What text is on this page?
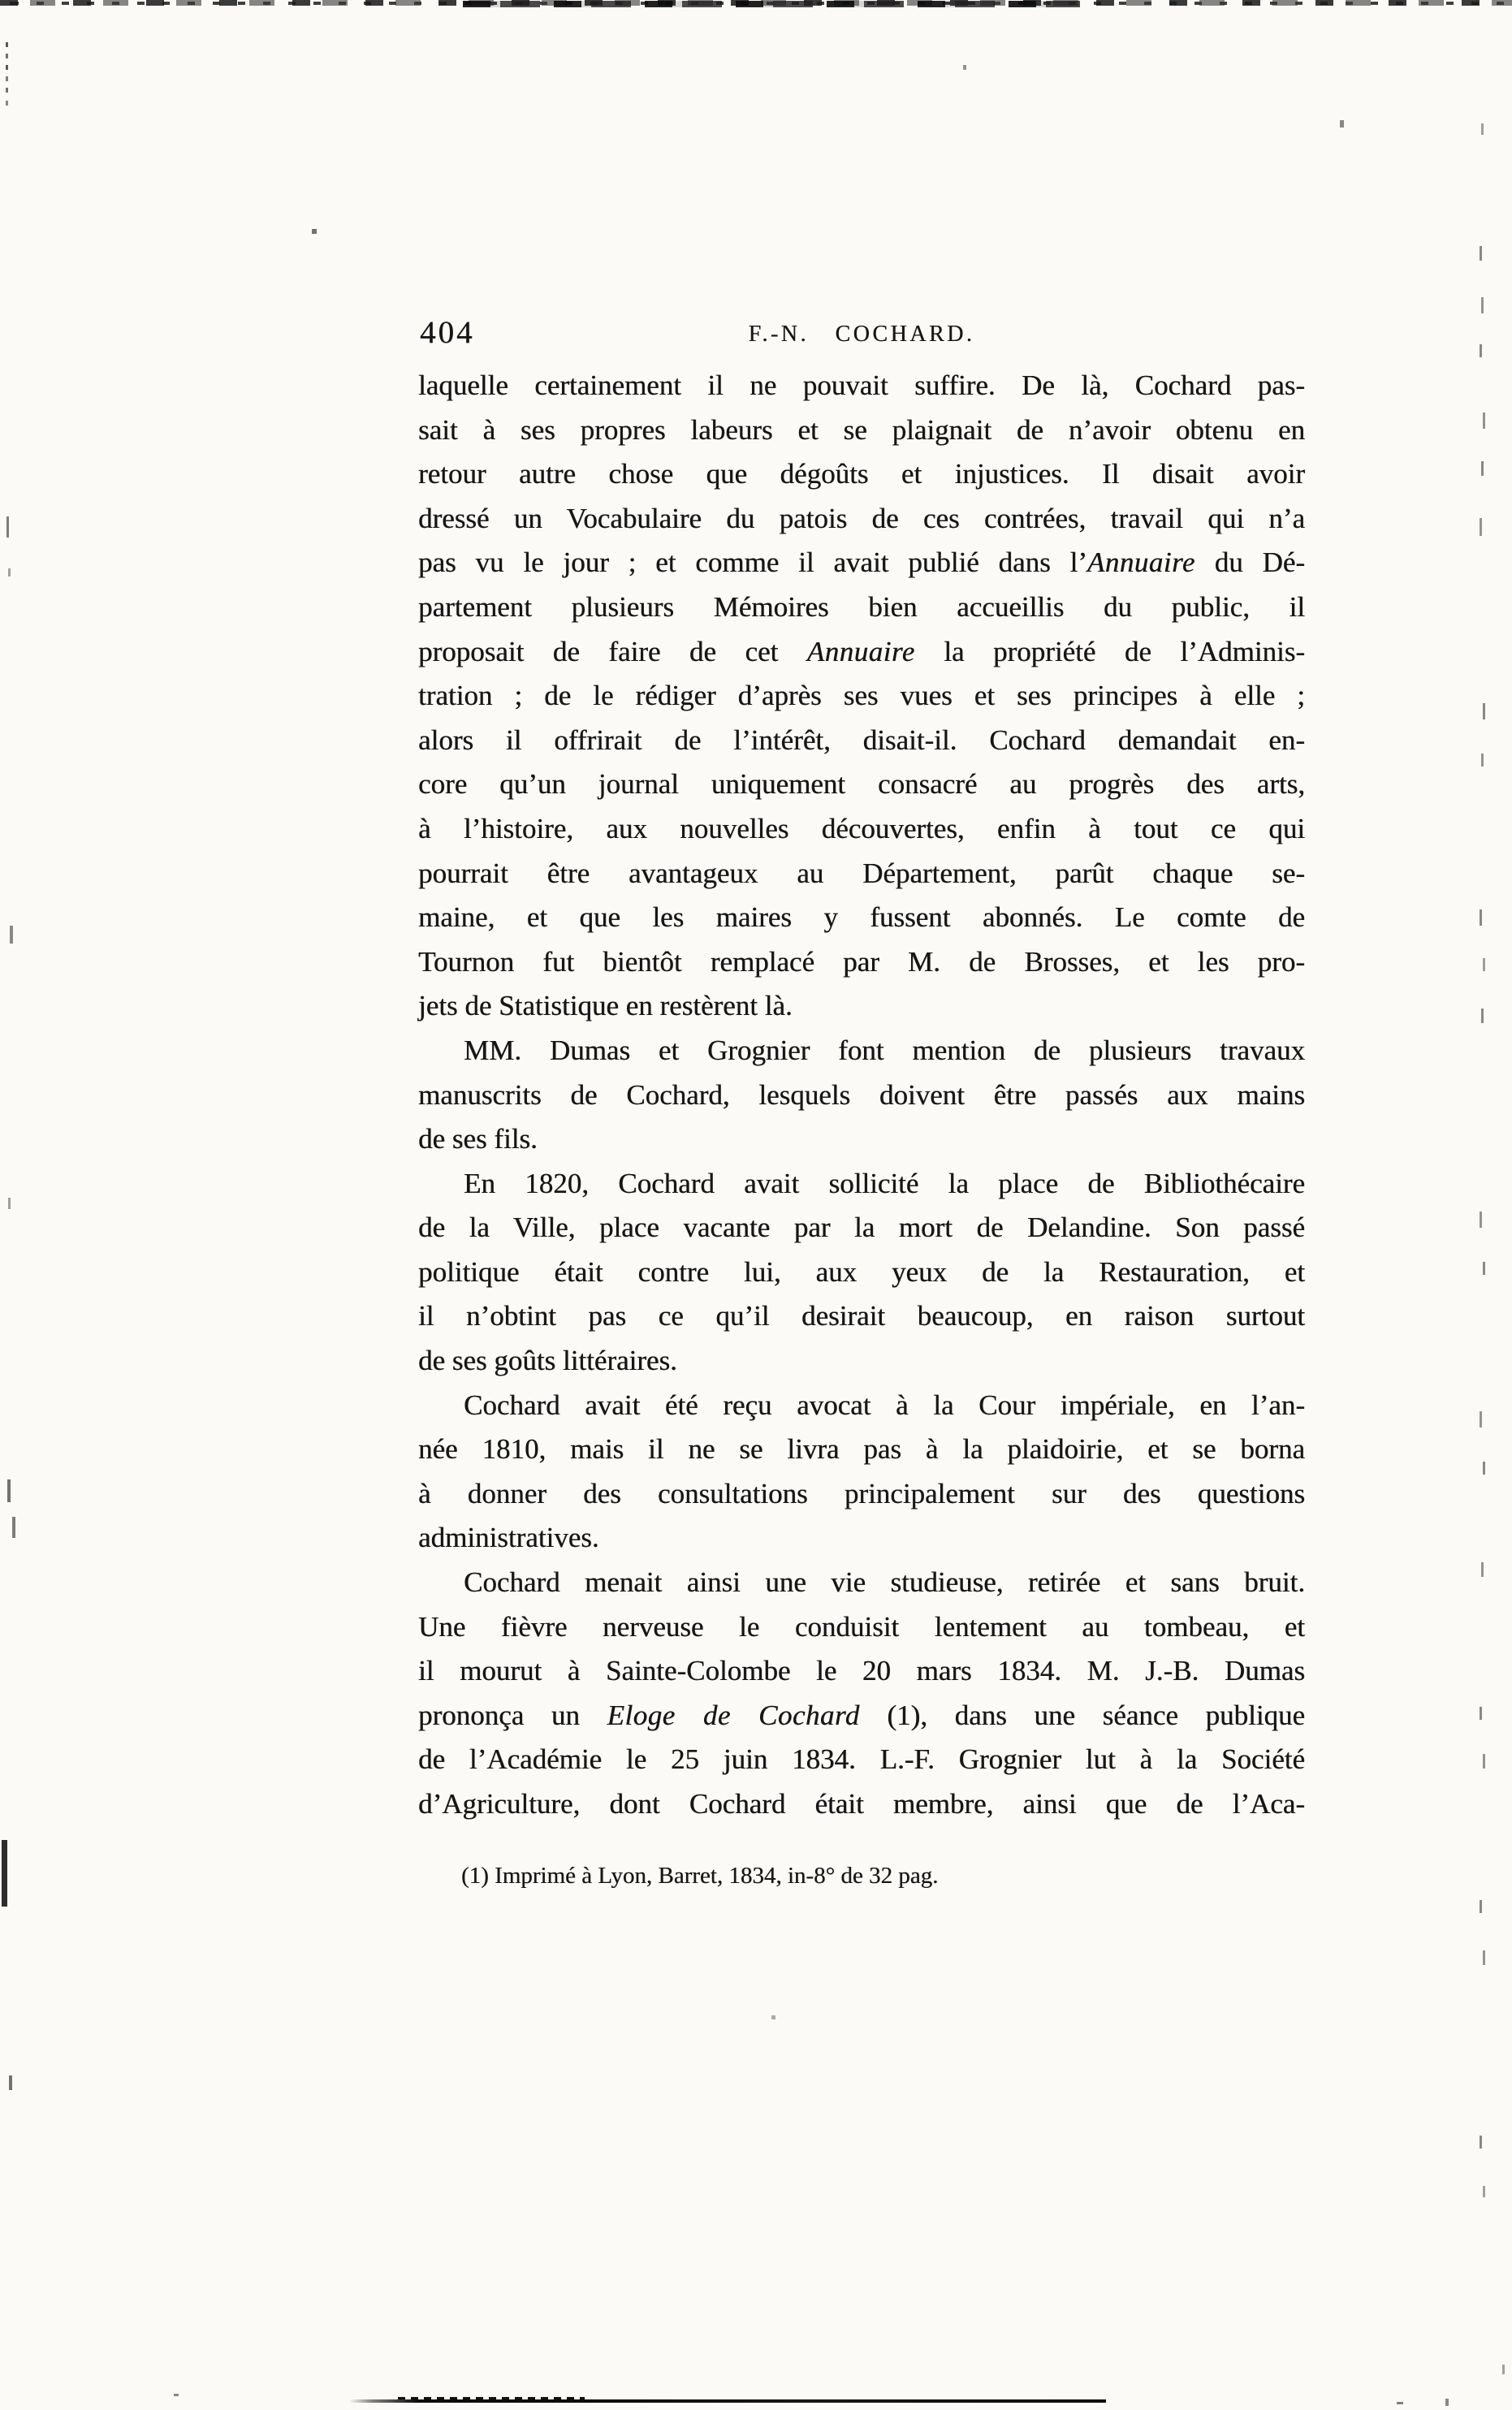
404	F.-N. COCHARD.
laquelle certainement il ne pouvait suffire. De là, Cochard pas-
sait à ses propres labeurs et se plaignait de n’avoir obtenu en
retour autre chose que dégoûts et injustices. Il disait avoir
dressé un Vocabulaire du patois de ces contrées, travail qui n’a
pas vu le jour ; et comme il avait publié dans l’Annuaire du Dé-
partement plusieurs Mémoires bien accueillis du public, il
proposait de faire de cet Annuaire la propriété de l’Adminis-
tration ; de le rédiger d’après ses vues et ses principes à elle ;
alors il offrirait de l’intérêt, disait-il. Cochard demandait en-
core qu’un journal uniquement consacré au progrès des arts,
à l’histoire, aux nouvelles découvertes, enfin à tout ce qui
pourrait être avantageux au Département, parût chaque se-
maine, et que les maires y fussent abonnés. Le comte de
Tournon fut bientôt remplacé par M. de Brosses, et les pro-
jets de Statistique en restèrent là.
MM. Dumas et Grognier font mention de plusieurs travaux
manuscrits de Cochard, lesquels doivent être passés aux mains
de ses fils.
En 1820, Cochard avait sollicité la place de Bibliothécaire
de la Ville, place vacante par la mort de Delandine. Son passé
politique était contre lui, aux yeux de la Restauration, et
il n’obtint pas ce qu’il desirait beaucoup, en raison surtout
de ses goûts littéraires.
Cochard avait été reçu avocat à la Cour impériale, en l’an-
née 1810, mais il ne se livra pas à la plaidoirie, et se borna
à donner des consultations principalement sur des questions
administratives.
Cochard menait ainsi une vie studieuse, retirée et sans bruit.
Une fièvre nerveuse le conduisit lentement au tombeau, et
il mourut à Sainte-Colombe le 20 mars 1834. M. J.-B. Dumas
prononça un Eloge de Cochard (1), dans une séance publique
de l’Académie le 25 juin 1834. L.-F. Grognier lut à la Société
d’Agriculture, dont Cochard était membre, ainsi que de l’Aca-
(1) Imprimé à Lyon, Barret, 1834, in-8° de 32 pag.
